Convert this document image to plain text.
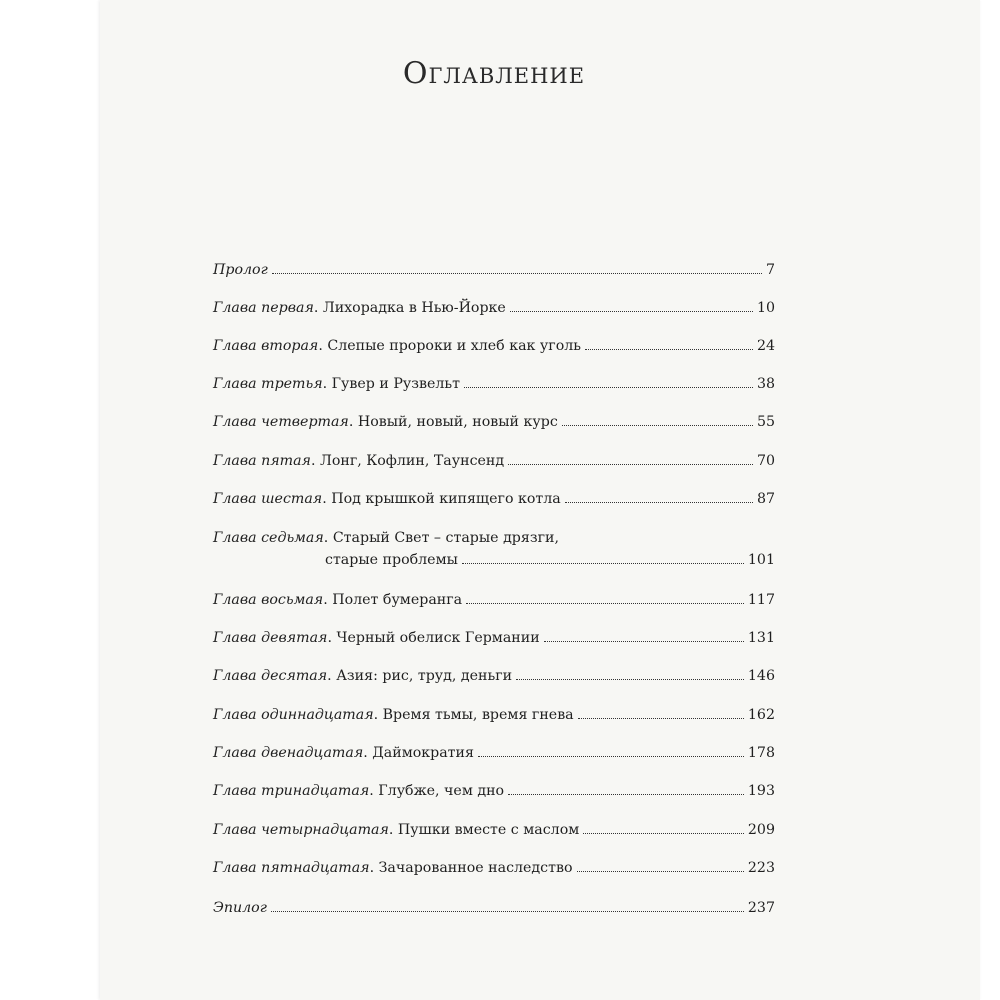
Оглавление
Пролог	7
Глава первая . Лихорадка в Нью-Йорке	10
Глава вторая . Слепые пророки и хлеб как уголь	24
Глава третья . Гувер и Рузвельт	38
Глава четвертая . Новый, новый, новый курс	55
Глава пятая . Лонг, Кофлин, Таунсенд	70
Глава шестая . Под крышкой кипящего котла	87
Глава седьмая . Старый Свет – старые дрязги,
старые проблемы	101
Глава восьмая . Полет бумеранга	117
Глава девятая . Черный обелиск Германии	131
Глава десятая . Азия: рис, труд, деньги	146
Глава одиннадцатая . Время тьмы, время гнева	162
Глава двенадцатая . Даймократия	178
Глава тринадцатая . Глубже, чем дно	193
Глава четырнадцатая . Пушки вместе с маслом	209
Глава пятнадцатая . Зачарованное наследство	223
Эпилог	237
